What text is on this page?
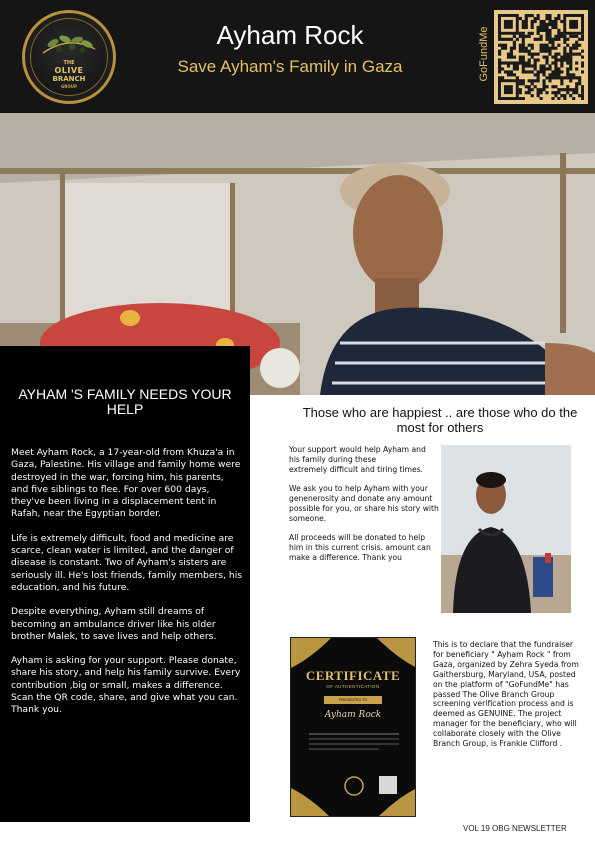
THE
OLIVE
BRANCH
GROUP
Ayham Rock
Save Ayham's Family in Gaza	GoFundMe
AYHAM 'S FAMILY NEEDS YOUR HELP

Meet Ayham Rock, a 17-year-old from Khuza'a in Gaza, Palestine. His village and family home were destroyed in the war, forcing him, his parents, and five siblings to flee. For over 600 days, they've been living in a displacement tent in Rafah, near the Egyptian border.

Life is extremely difficult, food and medicine are scarce, clean water is limited, and the danger of disease is constant. Two of Ayham's sisters are seriously ill. He's lost friends, family members, his education, and his future.

Despite everything, Ayham still dreams of becoming an ambulance driver like his older brother Malek, to save lives and help others.

Ayham is asking for your support. Please donate, share his story, and help his family survive. Every contribution ,big or small, makes a difference.
Scan the QR code, share, and give what you can.
Thank you.

Those who are happiest .. are those who do the most for others

Your support would help Ayham and his family during these
extremely difficult and tiring times.

We ask you to help Ayham with your genenerosity and donate any amount possible for you, or share his story with someone.

All proceeds will be donated to help him in this current crisis. amount can make a difference. Thank you

CERTIFICATE
OF AUTHENTICATION
PRESENTED TO
Ayham Rock
This is to declare that the fundraiser for beneficiary " Ayham Rock " from Gaza, organized by Zehra Syeda from Gaithersburg, Maryland, USA, posted on the platform of "GoFundMe" has passed The Olive Branch Group screening verification process and is deemed as GENUINE. The project manager for the beneficiary, who will collaborate closely with the Olive Branch Group, is Frankie Clifford .
VOL 19 OBG NEWSLETTER
